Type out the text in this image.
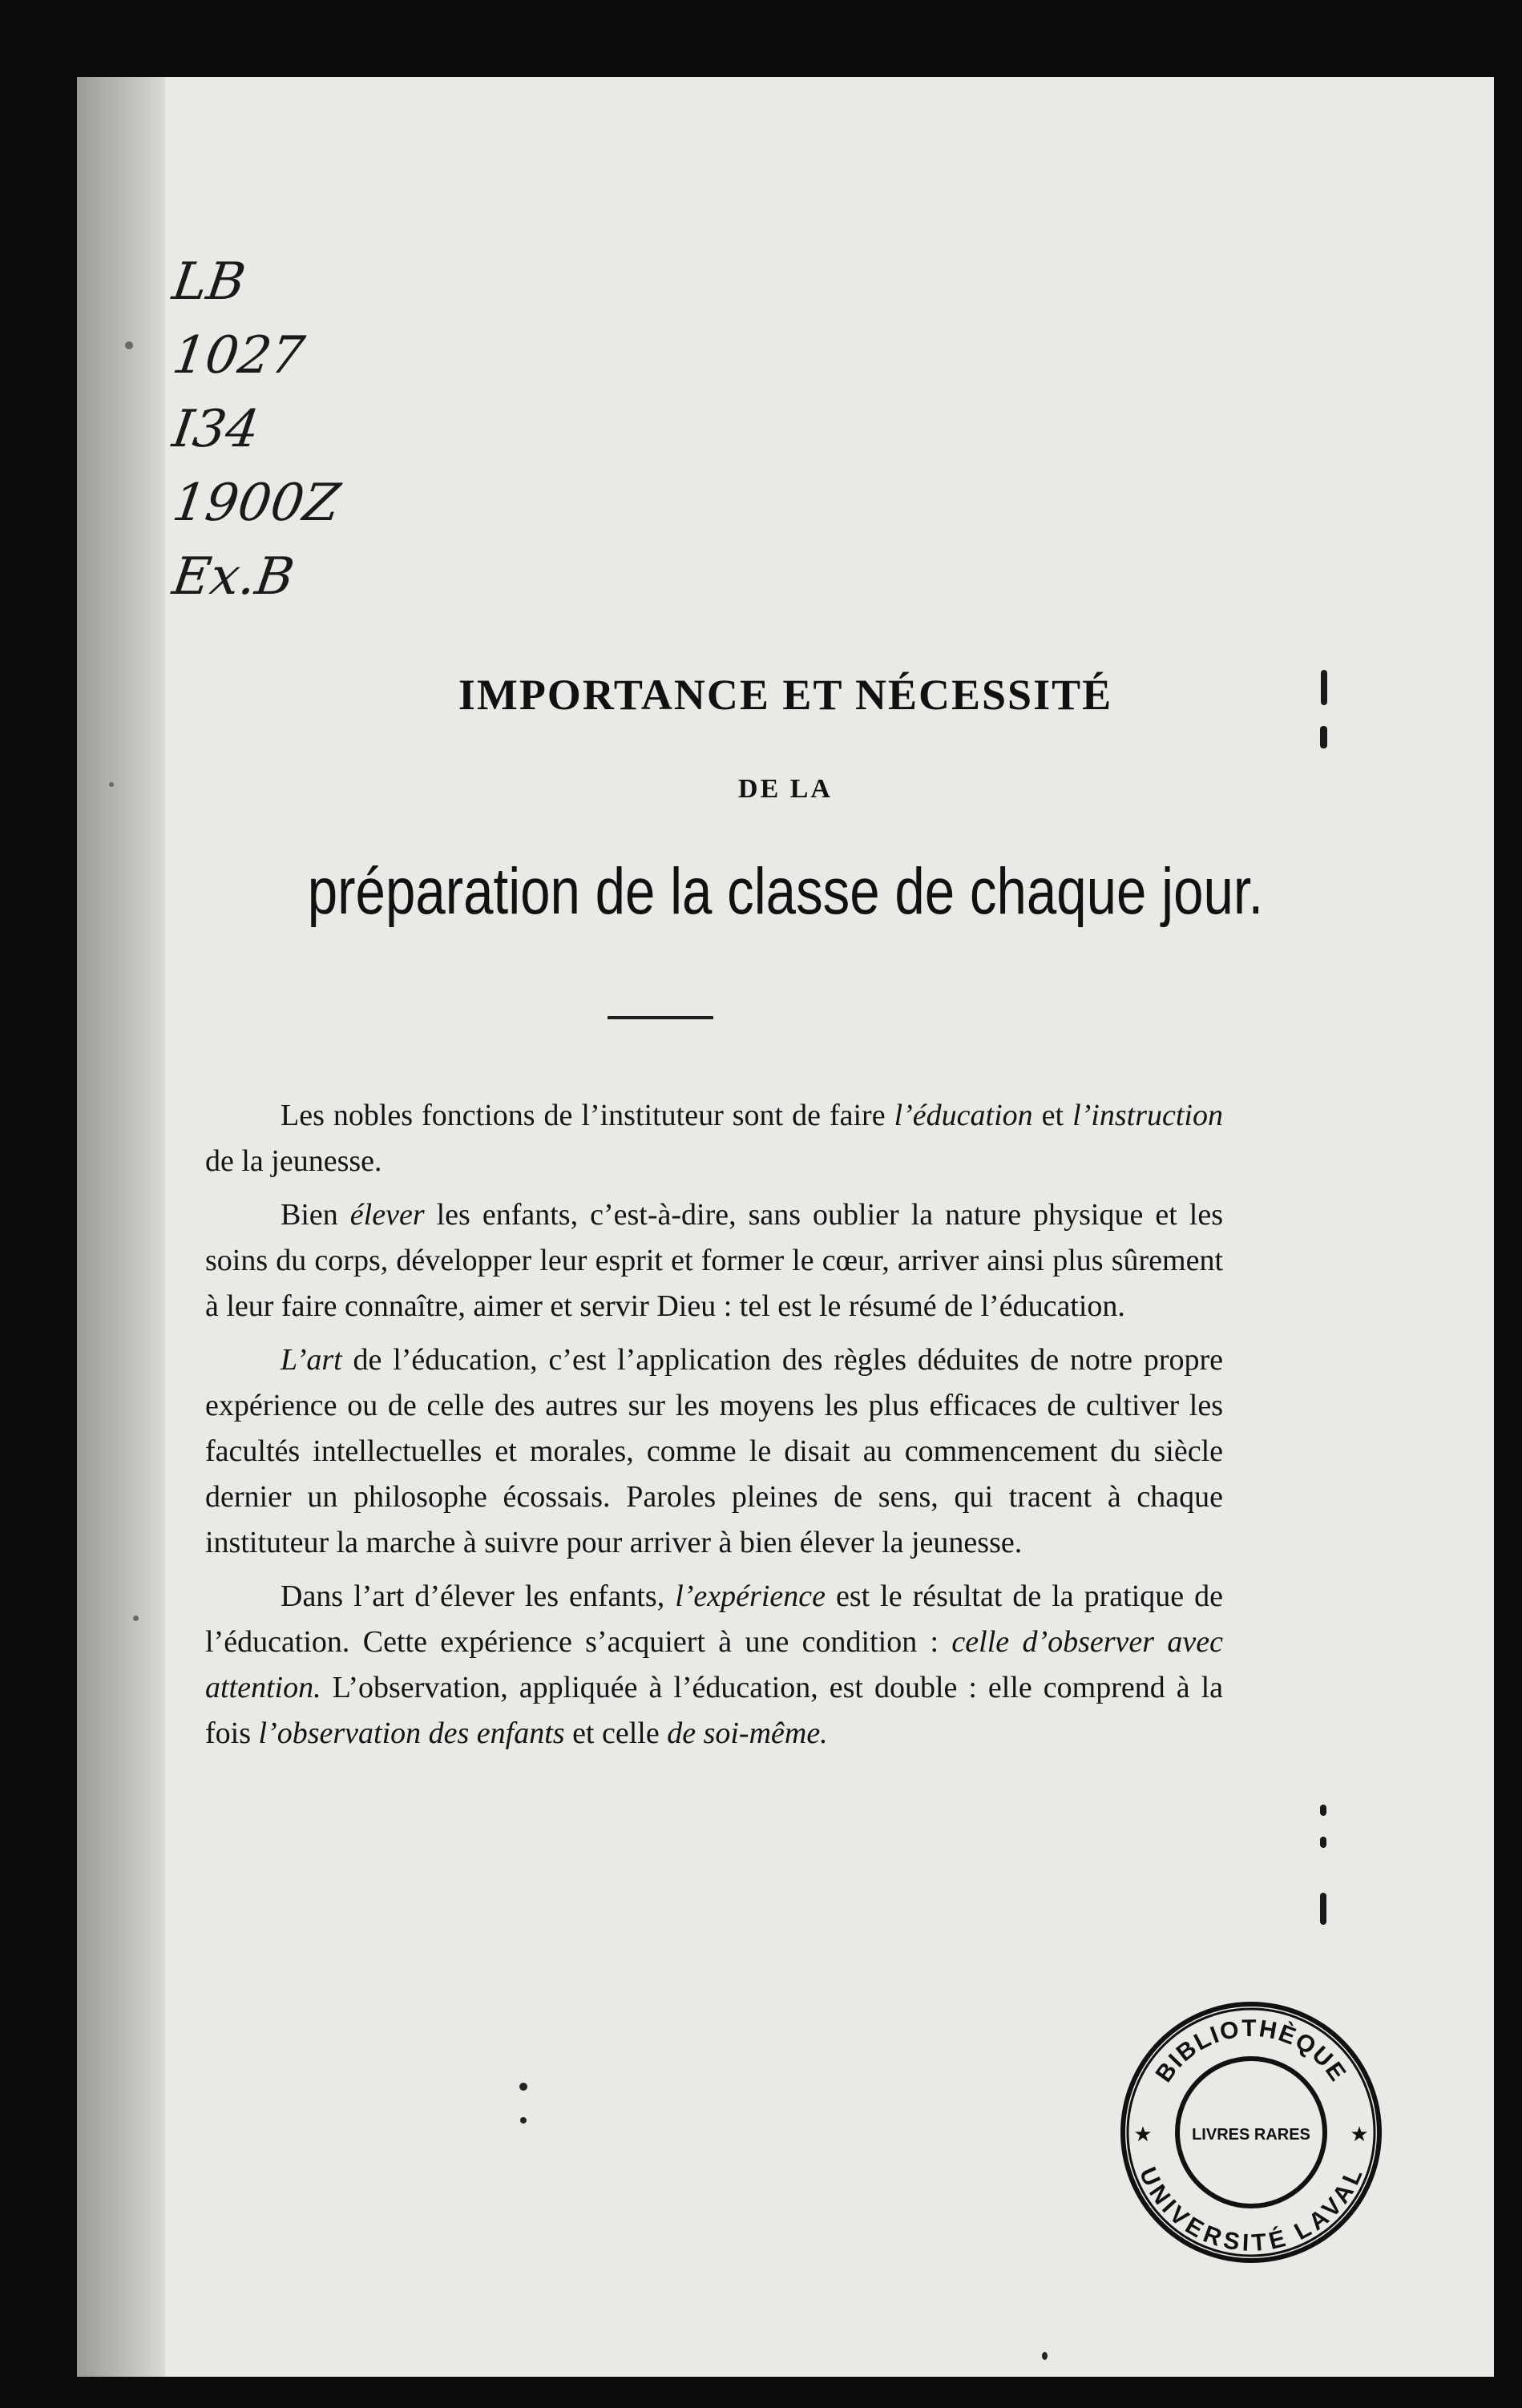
LB
1027
I34
1900Z
Ex.B
IMPORTANCE ET NÉCESSITÉ
DE LA
préparation de la classe de chaque jour.

Les nobles fonctions de l’instituteur sont de faire l’éducation et l’instruction de la jeunesse.

Bien élever les enfants, c’est-à-dire, sans oublier la nature physique et les soins du corps, développer leur esprit et former le cœur, arriver ainsi plus sûrement à leur faire connaître, aimer et servir Dieu : tel est le résumé de l’éducation.

L’art de l’éducation, c’est l’application des règles déduites de notre propre expérience ou de celle des autres sur les moyens les plus efficaces de cultiver les facultés intellectuelles et morales, comme le disait au commencement du siècle dernier un philosophe écossais. Paroles pleines de sens, qui tracent à chaque instituteur la marche à suivre pour arriver à bien élever la jeunesse.

Dans l’art d’élever les enfants, l’expérience est le résultat de la pratique de l’éducation. Cette expérience s’acquiert à une condition : celle d’observer avec attention. L’observation, appliquée à l’éducation, est double : elle comprend à la fois l’observation des enfants et celle de soi-même.

BIBLIOTHÈQUE
UNIVERSITÉ LAVAL
LIVRES RARES
★	★
